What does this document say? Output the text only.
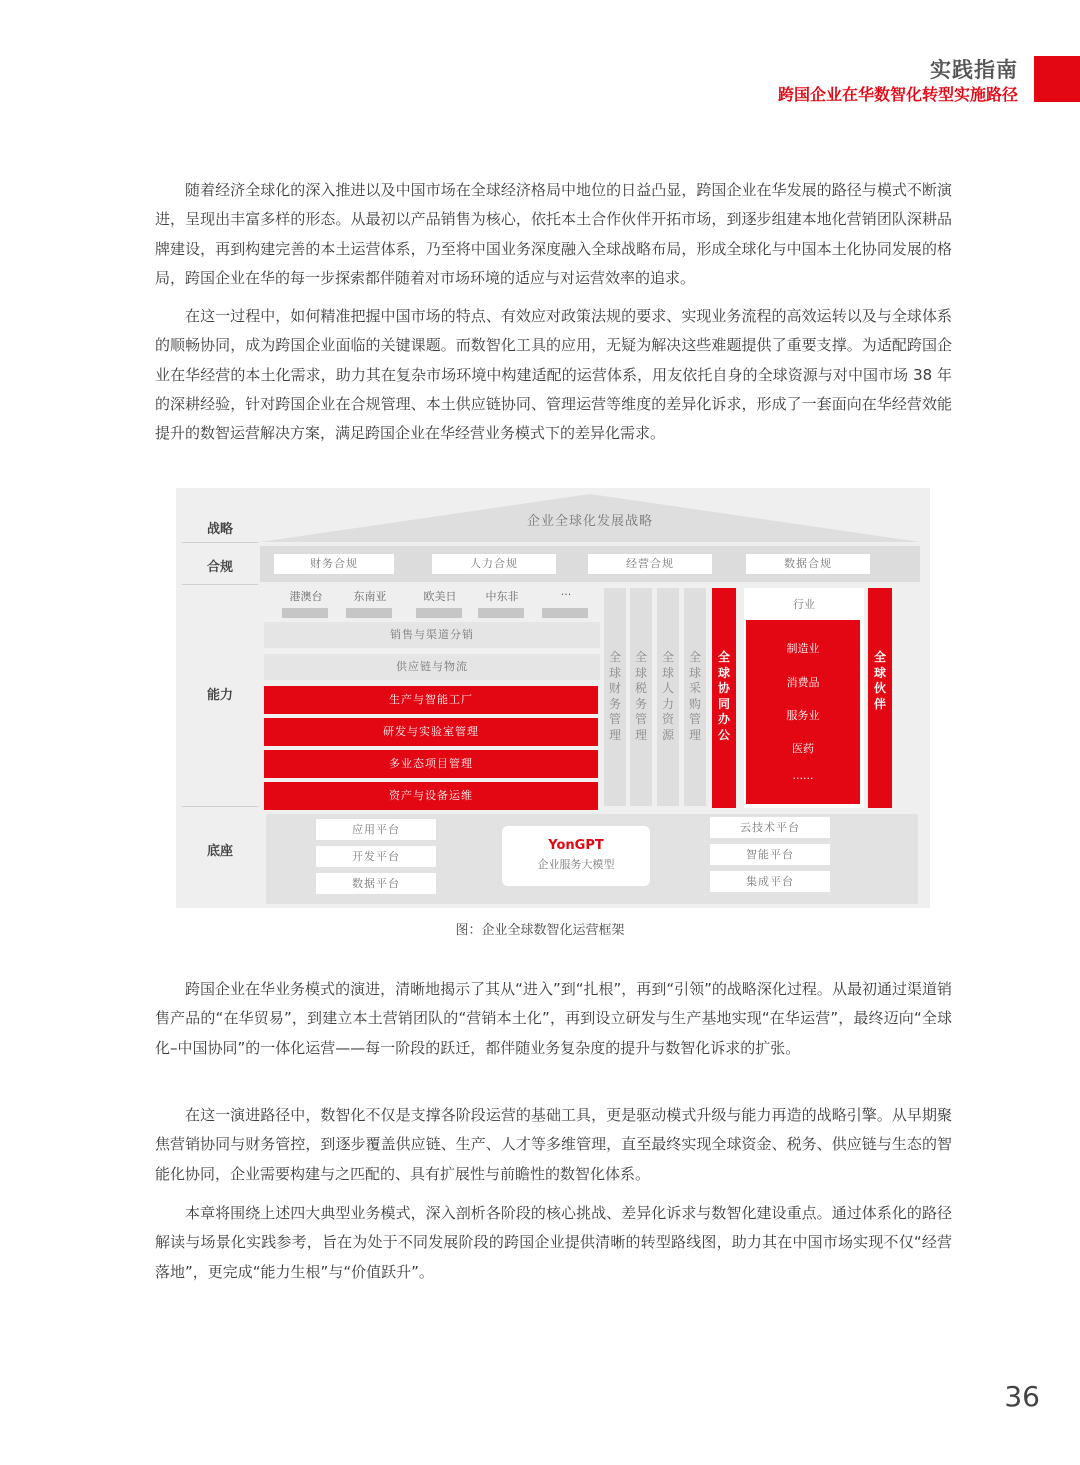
实践指南
跨国企业在华数智化转型实施路径

随着经济全球化的深入推进以及中国市场在全球经济格局中地位的日益凸显，跨国企业在华发展的路径与模式不断演进，呈现出丰富多样的形态。从最初以产品销售为核心，依托本土合作伙伴开拓市场，到逐步组建本地化营销团队深耕品牌建设，再到构建完善的本土运营体系，乃至将中国业务深度融入全球战略布局，形成全球化与中国本土化协同发展的格局，跨国企业在华的每一步探索都伴随着对市场环境的适应与对运营效率的追求。

在这一过程中，如何精准把握中国市场的特点、有效应对政策法规的要求、实现业务流程的高效运转以及与全球体系的顺畅协同，成为跨国企业面临的关键课题。而数智化工具的应用，无疑为解决这些难题提供了重要支撑。为适配跨国企业在华经营的本土化需求，助力其在复杂市场环境中构建适配的运营体系，用友依托自身的全球资源与对中国市场 38 年的深耕经验，针对跨国企业在合规管理、本土供应链协同、管理运营等维度的差异化诉求，形成了一套面向在华经营效能提升的数智运营解决方案，满足跨国企业在华经营业务模式下的差异化需求。

战略
合规
能力
底座
企业全球化发展战略
财务合规	人力合规	经营合规	数据合规
港澳台	东南亚	欧美日	中东非	···
销售与渠道分销
供应链与物流
生产与智能工厂
研发与实验室管理
多业态项目管理
资产与设备运维
全
球
财
务
管
理
全
球
税
务
管
理
全
球
人
力
资
源
全
球
采
购
管
理
全
球
协
同
办
公
行业
制造业
消费品
服务业
医药
······
全
球
伙
伴
应用平台
开发平台
数据平台
YonGPT
企业服务大模型
云技术平台
智能平台
集成平台
图：企业全球数智化运营框架

跨国企业在华业务模式的演进，清晰地揭示了其从“进入”到“扎根”，再到“引领”的战略深化过程。从最初通过渠道销售产品的“在华贸易”，到建立本土营销团队的“营销本土化”，再到设立研发与生产基地实现“在华运营”，最终迈向“全球化–中国协同”的一体化运营——每一阶段的跃迁，都伴随业务复杂度的提升与数智化诉求的扩张。

在这一演进路径中，数智化不仅是支撑各阶段运营的基础工具，更是驱动模式升级与能力再造的战略引擎。从早期聚焦营销协同与财务管控，到逐步覆盖供应链、生产、人才等多维管理，直至最终实现全球资金、税务、供应链与生态的智能化协同，企业需要构建与之匹配的、具有扩展性与前瞻性的数智化体系。

本章将围绕上述四大典型业务模式，深入剖析各阶段的核心挑战、差异化诉求与数智化建设重点。通过体系化的路径解读与场景化实践参考，旨在为处于不同发展阶段的跨国企业提供清晰的转型路线图，助力其在中国市场实现不仅“经营落地”，更完成“能力生根”与“价值跃升”。

36
